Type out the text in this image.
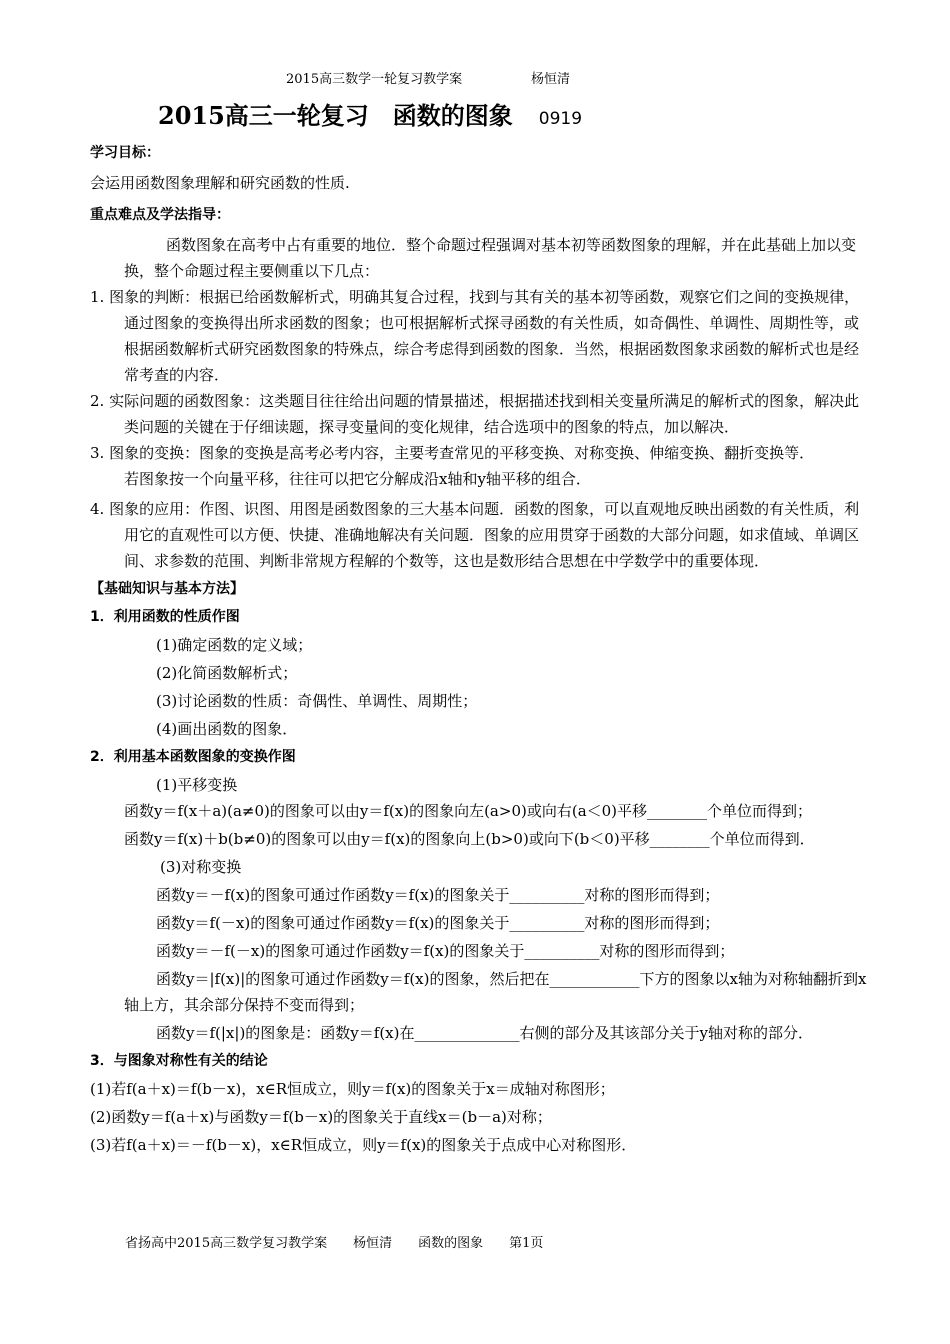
2015高三数学一轮复习教学案	杨恒清
2015高三一轮复习　函数的图象 0919

学习目标：

会运用函数图象理解和研究函数的性质.

重点难点及学法指导：

函数图象在高考中占有重要的地位．整个命题过程强调对基本初等函数图象的理解，并在此基础上加以变换，整个命题过程主要侧重以下几点：

1. 图象的判断：根据已给函数解析式，明确其复合过程，找到与其有关的基本初等函数，观察它们之间的变换规律，通过图象的变换得出所求函数的图象；也可根据解析式探寻函数的有关性质，如奇偶性、单调性、周期性等，或根据函数解析式研究函数图象的特殊点，综合考虑得到函数的图象．当然，根据函数图象求函数的解析式也是经常考查的内容．

2. 实际问题的函数图象：这类题目往往给出问题的情景描述，根据描述找到相关变量所满足的解析式的图象，解决此类问题的关键在于仔细读题，探寻变量间的变化规律，结合选项中的图象的特点，加以解决．

3. 图象的变换：图象的变换是高考必考内容，主要考查常见的平移变换、对称变换、伸缩变换、翻折变换等．

若图象按一个向量平移，往往可以把它分解成沿x轴和y轴平移的组合．

4. 图象的应用：作图、识图、用图是函数图象的三大基本问题．函数的图象，可以直观地反映出函数的有关性质，利用它的直观性可以方便、快捷、准确地解决有关问题．图象的应用贯穿于函数的大部分问题，如求值域、单调区间、求参数的范围、判断非常规方程解的个数等，这也是数形结合思想在中学数学中的重要体现．

【基础知识与基本方法】

1．利用函数的性质作图

(1)确定函数的定义域；

(2)化简函数解析式；

(3)讨论函数的性质：奇偶性、单调性、周期性；

(4)画出函数的图象．

2．利用基本函数图象的变换作图

(1)平移变换

函数y＝f(x＋a)(a≠0)的图象可以由y＝f(x)的图象向左(a>0)或向右(a＜0)平移________个单位而得到；

函数y＝f(x)＋b(b≠0)的图象可以由y＝f(x)的图象向上(b>0)或向下(b＜0)平移________个单位而得到．

(3)对称变换

函数y＝－f(x)的图象可通过作函数y＝f(x)的图象关于__________对称的图形而得到；

函数y＝f(－x)的图象可通过作函数y＝f(x)的图象关于__________对称的图形而得到；

函数y＝－f(－x)的图象可通过作函数y＝f(x)的图象关于__________对称的图形而得到；

函数y＝|f(x)|的图象可通过作函数y＝f(x)的图象，然后把在____________下方的图象以x轴为对称轴翻折到x轴上方，其余部分保持不变而得到；

函数y＝f(|x|)的图象是：函数y＝f(x)在______________右侧的部分及其该部分关于y轴对称的部分．

3．与图象对称性有关的结论

(1)若f(a＋x)＝f(b－x)，x∈R恒成立，则y＝f(x)的图象关于x＝成轴对称图形；

(2)函数y＝f(a＋x)与函数y＝f(b－x)的图象关于直线x＝(b－a)对称；

(3)若f(a＋x)＝－f(b－x)，x∈R恒成立，则y＝f(x)的图象关于点成中心对称图形．

省扬高中2015高三数学复习教学案 杨恒清 函数的图象 第1页
